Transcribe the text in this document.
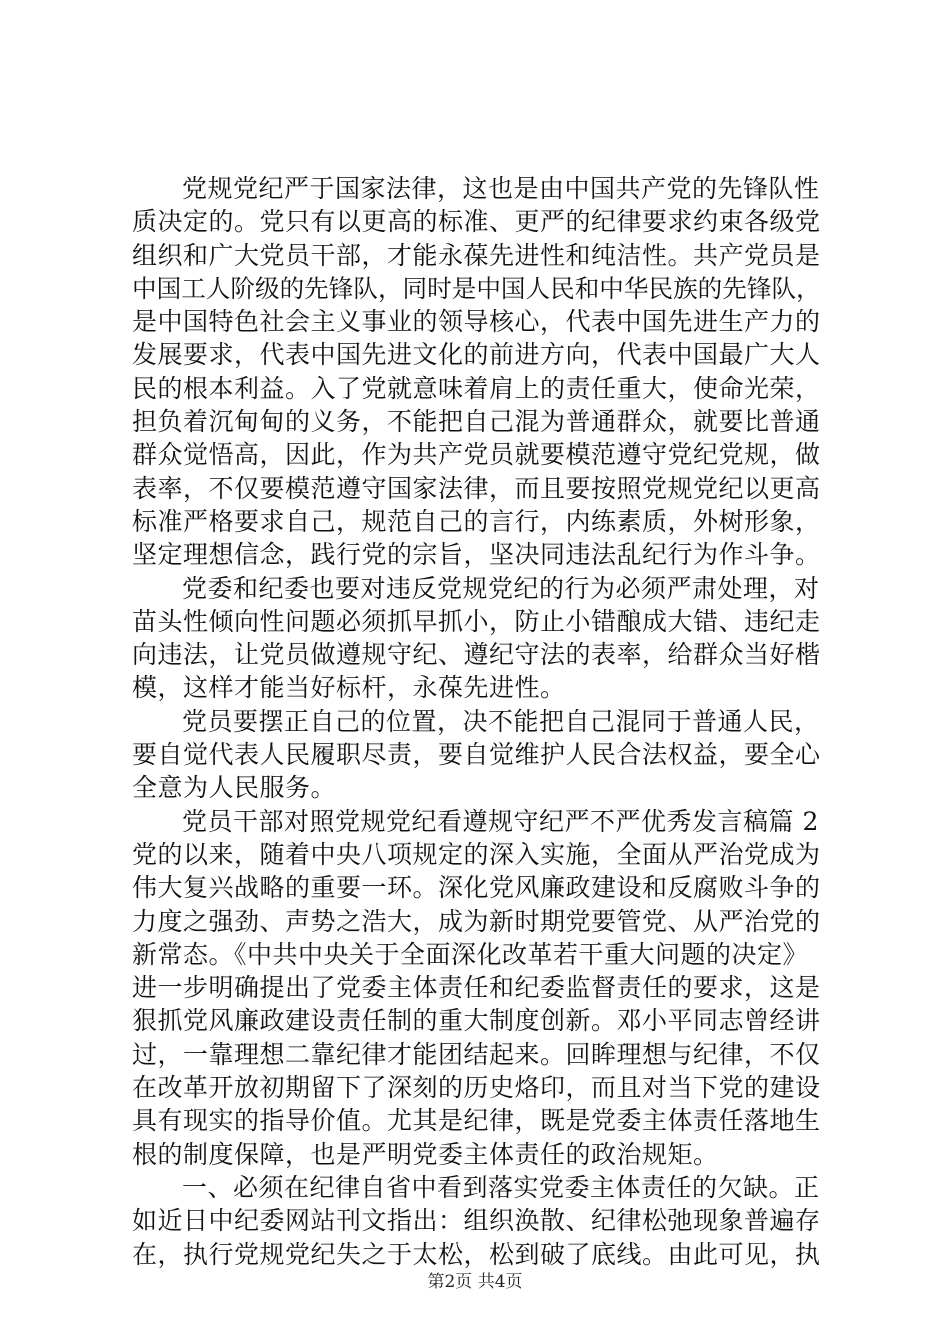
党规党纪严于国家法律，这也是由中国共产党的先锋队性
质决定的。党只有以更高的标准、更严的纪律要求约束各级党
组织和广大党员干部，才能永葆先进性和纯洁性。共产党员是
中国工人阶级的先锋队，同时是中国人民和中华民族的先锋队，
是中国特色社会主义事业的领导核心，代表中国先进生产力的
发展要求，代表中国先进文化的前进方向，代表中国最广大人
民的根本利益。入了党就意味着肩上的责任重大，使命光荣，
担负着沉甸甸的义务，不能把自己混为普通群众，就要比普通
群众觉悟高，因此，作为共产党员就要模范遵守党纪党规，做
表率，不仅要模范遵守国家法律，而且要按照党规党纪以更高
标准严格要求自己，规范自己的言行，内练素质，外树形象，
坚定理想信念，践行党的宗旨，坚决同违法乱纪行为作斗争。
党委和纪委也要对违反党规党纪的行为必须严肃处理，对
苗头性倾向性问题必须抓早抓小，防止小错酿成大错、违纪走
向违法，让党员做遵规守纪、遵纪守法的表率，给群众当好楷
模，这样才能当好标杆，永葆先进性。
党员要摆正自己的位置，决不能把自己混同于普通人民，
要自觉代表人民履职尽责，要自觉维护人民合法权益，要全心
全意为人民服务。
党员干部对照党规党纪看遵规守纪严不严优秀发言稿篇 2
党的以来，随着中央八项规定的深入实施，全面从严治党成为
伟大复兴战略的重要一环。深化党风廉政建设和反腐败斗争的
力度之强劲、声势之浩大，成为新时期党要管党、从严治党的
新常态。《中共中央关于全面深化改革若干重大问题的决定》
进一步明确提出了党委主体责任和纪委监督责任的要求，这是
狠抓党风廉政建设责任制的重大制度创新。邓小平同志曾经讲
过，一靠理想二靠纪律才能团结起来。回眸理想与纪律，不仅
在改革开放初期留下了深刻的历史烙印，而且对当下党的建设
具有现实的指导价值。尤其是纪律，既是党委主体责任落地生
根的制度保障，也是严明党委主体责任的政治规矩。
一、必须在纪律自省中看到落实党委主体责任的欠缺。正
如近日中纪委网站刊文指出：组织涣散、纪律松弛现象普遍存
在，执行党规党纪失之于太松，松到破了底线。由此可见，执
第2页 共4页
